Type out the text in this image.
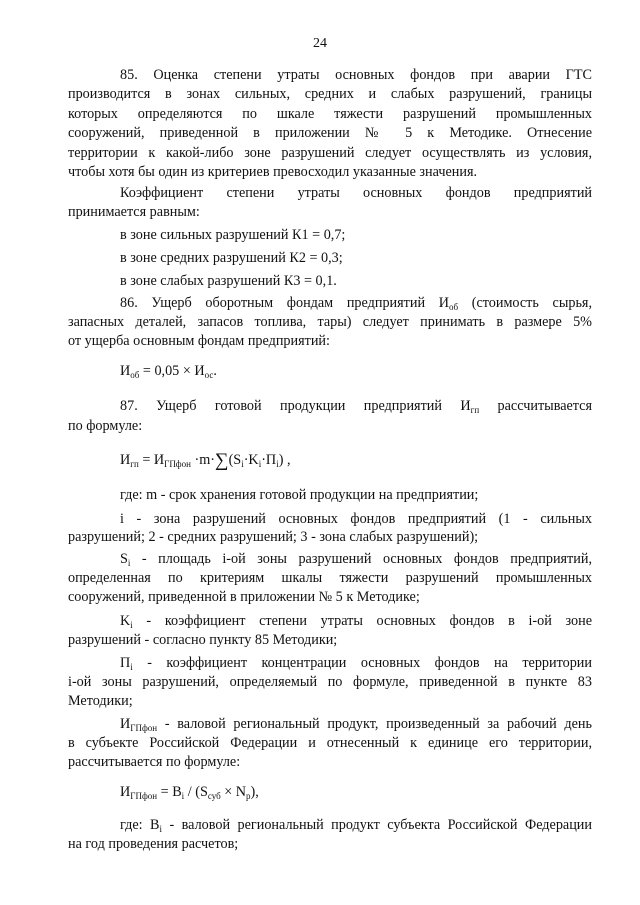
24
85. Оценка степени утраты основных фондов при аварии ГТС
производится в зонах сильных, средних и слабых разрушений, границы
которых определяются по шкале тяжести разрушений промышленных
сооружений, приведенной в приложении № 5 к Методике. Отнесение
территории к какой-либо зоне разрушений следует осуществлять из условия,
чтобы хотя бы один из критериев превосходил указанные значения.
Коэффициент степени утраты основных фондов предприятий
принимается равным:
в зоне сильных разрушений К1 = 0,7;
в зоне средних разрушений К2 = 0,3;
в зоне слабых разрушений К3 = 0,1.
86. Ущерб оборотным фондам предприятий $И_{об}$ (стоимость сырья,
запасных деталей, запасов топлива, тары) следует принимать в размере 5%
от ущерба основным фондам предприятий:
$И_{об} = 0,05 \times И_{ос}$.
87. Ущерб готовой продукции предприятий $И_{гп}$ рассчитывается
по формуле:
$И_{гп} = И_{ГПфон} \cdot m\cdot\sum(S_i\cdot K_i\cdot П_i)$ ,
где: m - срок хранения готовой продукции на предприятии;
i - зона разрушений основных фондов предприятий (1 - сильных
разрушений; 2 - средних разрушений; 3 - зона слабых разрушений);
$S_i$ - площадь i-ой зоны разрушений основных фондов предприятий,
определенная по критериям шкалы тяжести разрушений промышленных
сооружений, приведенной в приложении № 5 к Методике;
$K_i$ - коэффициент степени утраты основных фондов в i-ой зоне
разрушений - согласно пункту 85 Методики;
$П_i$ - коэффициент концентрации основных фондов на территории
i-ой зоны разрушений, определяемый по формуле, приведенной в пункте 83
Методики;
$И_{ГПфон}$ - валовой региональный продукт, произведенный за рабочий день
в субъекте Российской Федерации и отнесенный к единице его территории,
рассчитывается по формуле:
$И_{ГПфон} = B_i / (S_{суб} \times N_р)$,
где: $B_i$ - валовой региональный продукт субъекта Российской Федерации
на год проведения расчетов;
